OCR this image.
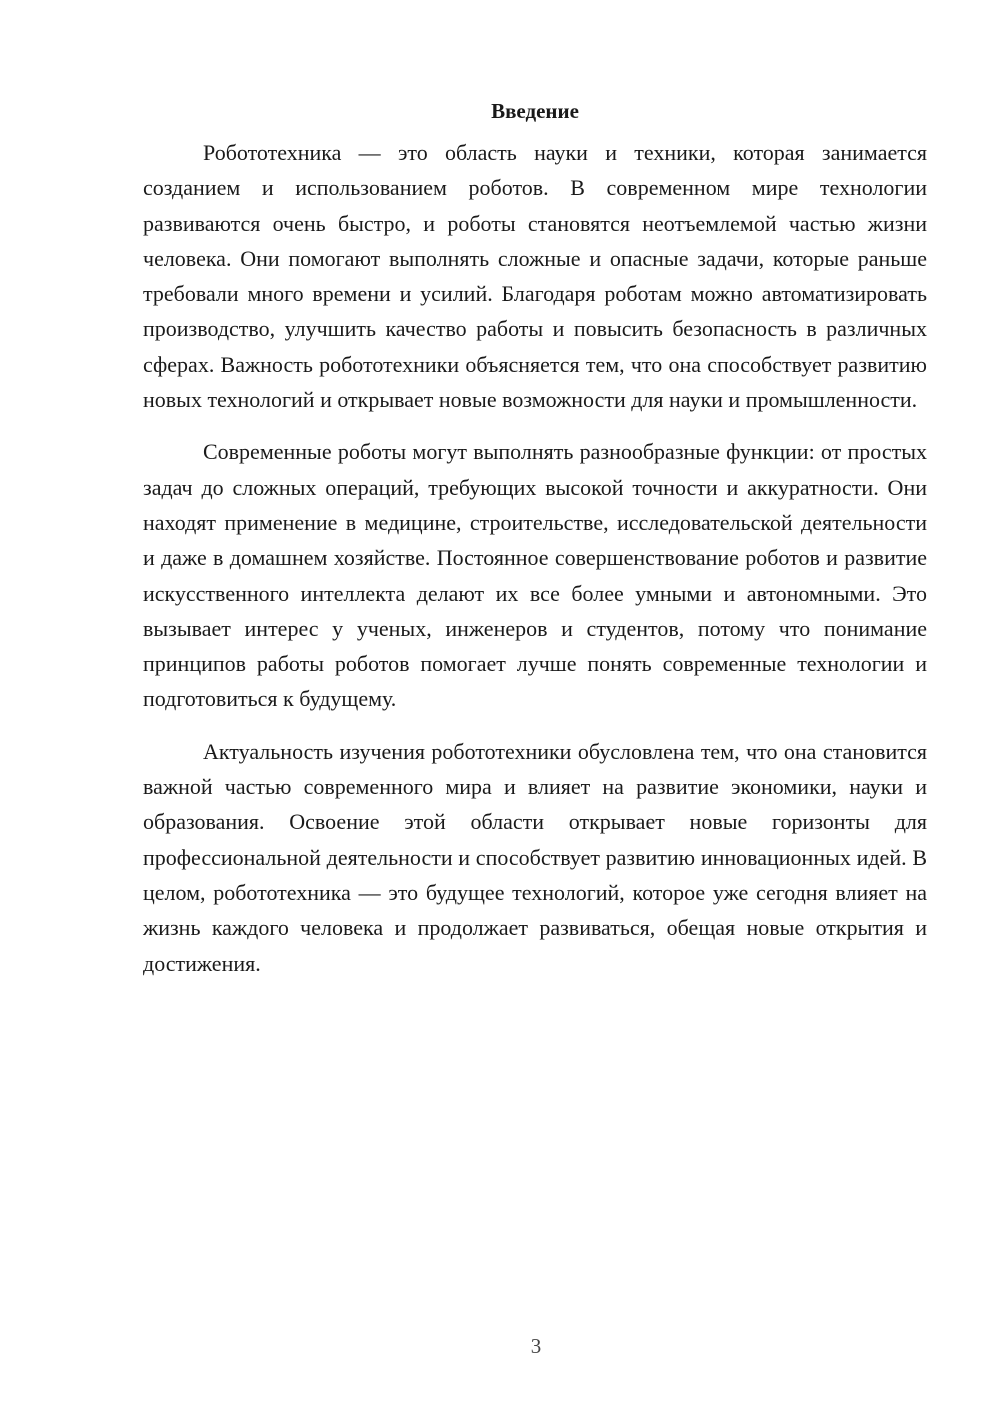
Введение

Робототехника — это область науки и техники, которая занимается созданием и использованием роботов. В современном мире технологии развиваются очень быстро, и роботы становятся неотъемлемой частью жизни человека. Они помогают выполнять сложные и опасные задачи, которые раньше требовали много времени и усилий. Благодаря роботам можно автоматизировать производство, улучшить качество работы и повысить безопасность в различных сферах. Важность робототехники объясняется тем, что она способствует развитию новых технологий и открывает новые возможности для науки и промышленности.

Современные роботы могут выполнять разнообразные функции: от простых задач до сложных операций, требующих высокой точности и аккуратности. Они находят применение в медицине, строительстве, исследовательской деятельности и даже в домашнем хозяйстве. Постоянное совершенствование роботов и развитие искусственного интеллекта делают их все более умными и автономными. Это вызывает интерес у ученых, инженеров и студентов, потому что понимание принципов работы роботов помогает лучше понять современные технологии и подготовиться к будущему.

Актуальность изучения робототехники обусловлена тем, что она становится важной частью современного мира и влияет на развитие экономики, науки и образования. Освоение этой области открывает новые горизонты для профессиональной деятельности и способствует развитию инновационных идей. В целом, робототехника — это будущее технологий, которое уже сегодня влияет на жизнь каждого человека и продолжает развиваться, обещая новые открытия и достижения.

3
